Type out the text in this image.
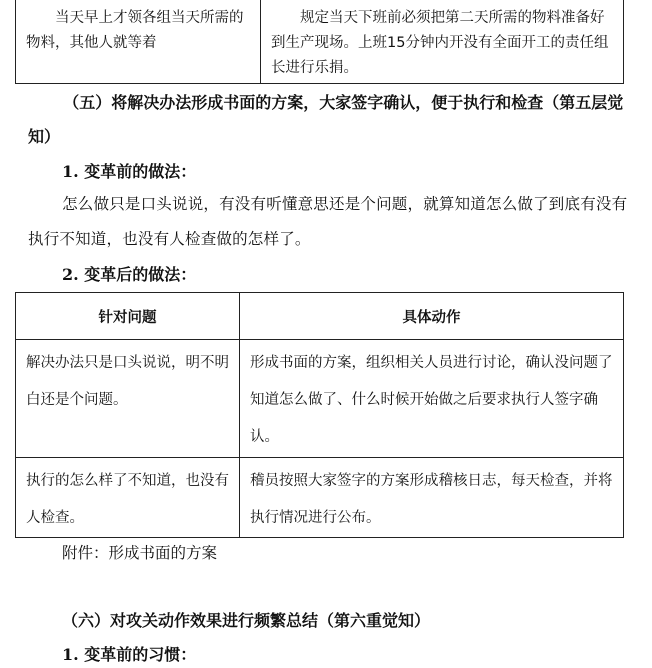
当天早上才领各组当天所需的物料，其他人就等着	规定当天下班前必须把第二天所需的物料准备好到生产现场。上班15分钟内开没有全面开工的责任组长进行乐捐。
（五）将解决办法形成书面的方案，大家签字确认，便于执行和检查（第五层觉知）
1. 变革前的做法：
怎么做只是口头说说，有没有听懂意思还是个问题，就算知道怎么做了到底有没有执行不知道，也没有人检查做的怎样了。
2. 变革后的做法：
针对问题	具体动作
解决办法只是口头说说，明不明白还是个问题。	形成书面的方案，组织相关人员进行讨论，确认没问题了知道怎么做了、什么时候开始做之后要求执行人签字确认。
执行的怎么样了不知道，也没有人检查。	稽员按照大家签字的方案形成稽核日志，每天检查，并将执行情况进行公布。
附件：形成书面的方案
（六）对攻关动作效果进行频繁总结（第六重觉知）
1. 变革前的习惯：
